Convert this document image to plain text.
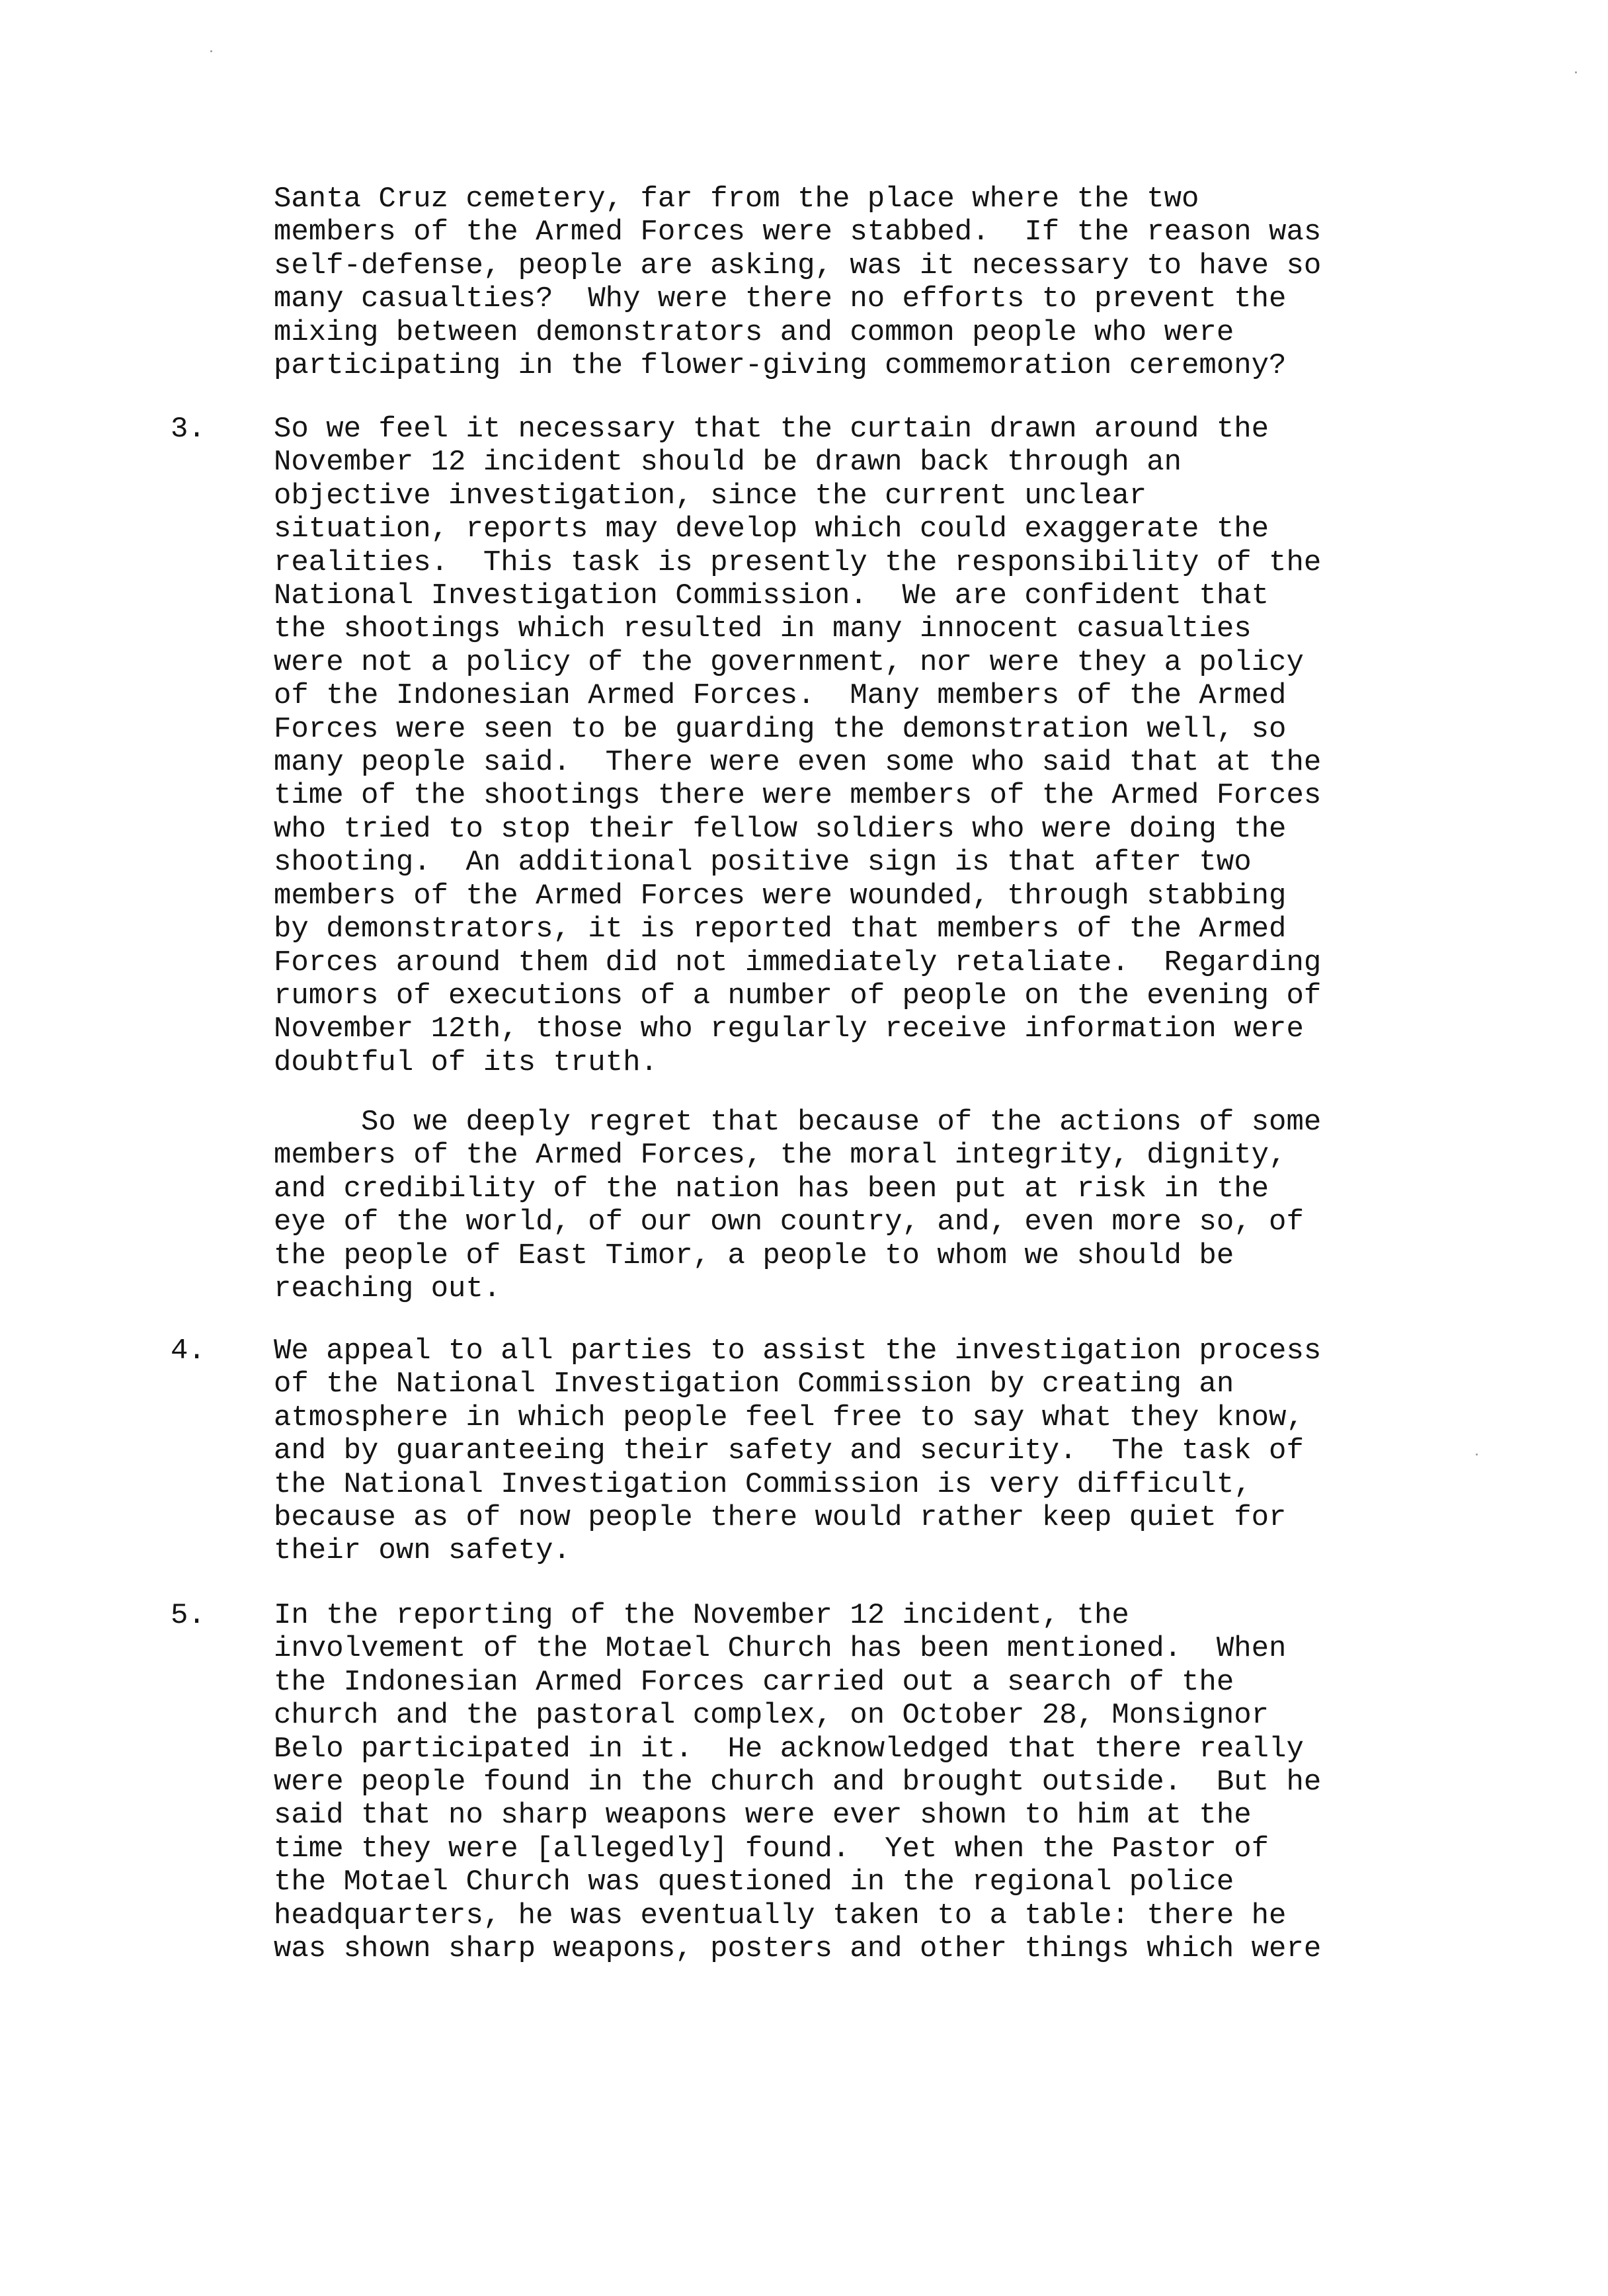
Santa Cruz cemetery, far from the place where the two
members of the Armed Forces were stabbed.  If the reason was
self-defense, people are asking, was it necessary to have so
many casualties?  Why were there no efforts to prevent the
mixing between demonstrators and common people who were
participating in the flower-giving commemoration ceremony?
3. So we feel it necessary that the curtain drawn around the
November 12 incident should be drawn back through an
objective investigation, since the current unclear
situation, reports may develop which could exaggerate the
realities.  This task is presently the responsibility of the
National Investigation Commission.  We are confident that
the shootings which resulted in many innocent casualties
were not a policy of the government, nor were they a policy
of the Indonesian Armed Forces.  Many members of the Armed
Forces were seen to be guarding the demonstration well, so
many people said.  There were even some who said that at the
time of the shootings there were members of the Armed Forces
who tried to stop their fellow soldiers who were doing the
shooting.  An additional positive sign is that after two
members of the Armed Forces were wounded, through stabbing
by demonstrators, it is reported that members of the Armed
Forces around them did not immediately retaliate.  Regarding
rumors of executions of a number of people on the evening of
November 12th, those who regularly receive information were
doubtful of its truth.
So we deeply regret that because of the actions of some
members of the Armed Forces, the moral integrity, dignity,
and credibility of the nation has been put at risk in the
eye of the world, of our own country, and, even more so, of
the people of East Timor, a people to whom we should be
reaching out.
4. We appeal to all parties to assist the investigation process
of the National Investigation Commission by creating an
atmosphere in which people feel free to say what they know,
and by guaranteeing their safety and security.  The task of
the National Investigation Commission is very difficult,
because as of now people there would rather keep quiet for
their own safety.
5. In the reporting of the November 12 incident, the
involvement of the Motael Church has been mentioned.  When
the Indonesian Armed Forces carried out a search of the
church and the pastoral complex, on October 28, Monsignor
Belo participated in it.  He acknowledged that there really
were people found in the church and brought outside.  But he
said that no sharp weapons were ever shown to him at the
time they were [allegedly] found.  Yet when the Pastor of
the Motael Church was questioned in the regional police
headquarters, he was eventually taken to a table: there he
was shown sharp weapons, posters and other things which were
